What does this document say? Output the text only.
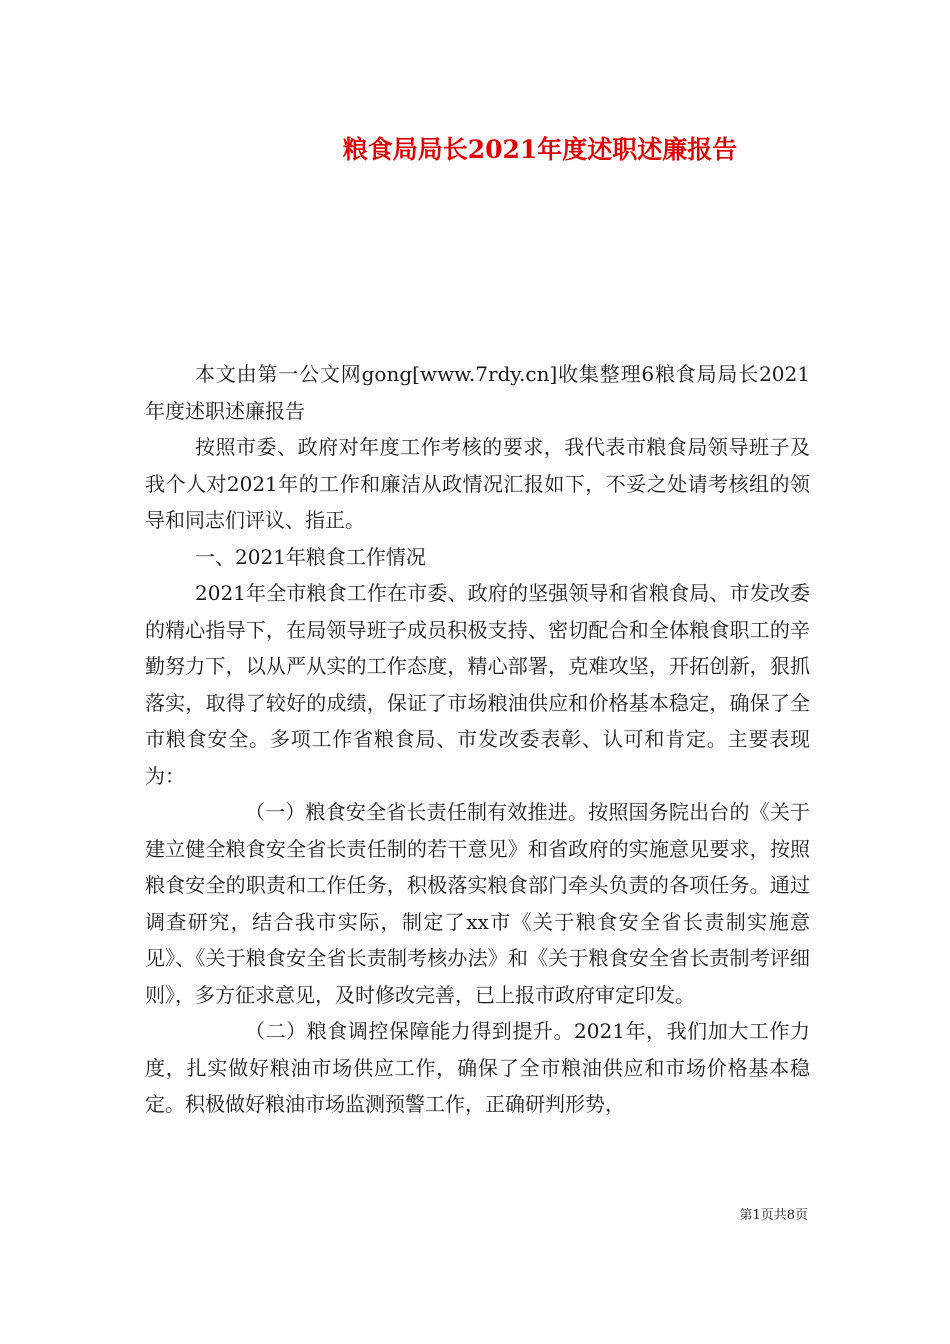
粮食局局长2021年度述职述廉报告

本文由第一公文网gong[www.7rdy.cn]收集整理6粮食局局长2021年度述职述廉报告

按照市委、政府对年度工作考核的要求，我代表市粮食局领导班子及我个人对2021年的工作和廉洁从政情况汇报如下，不妥之处请考核组的领导和同志们评议、指正。

一、2021年粮食工作情况

2021年全市粮食工作在市委、政府的坚强领导和省粮食局、市发改委的精心指导下，在局领导班子成员积极支持、密切配合和全体粮食职工的辛勤努力下，以从严从实的工作态度，精心部署，克难攻坚，开拓创新，狠抓落实，取得了较好的成绩，保证了市场粮油供应和价格基本稳定，确保了全市粮食安全。多项工作省粮食局、市发改委表彰、认可和肯定。主要表现为：

（一）粮食安全省长责任制有效推进。按照国务院出台的《关于建立健全粮食安全省长责任制的若干意见》和省政府的实施意见要求，按照粮食安全的职责和工作任务，积极落实粮食部门牵头负责的各项任务。通过调查研究，结合我市实际，制定了xx市《关于粮食安全省长责制实施意见》、《关于粮食安全省长责制考核办法》和《关于粮食安全省长责制考评细则》，多方征求意见，及时修改完善，已上报市政府审定印发。

（二）粮食调控保障能力得到提升。2021年，我们加大工作力度，扎实做好粮油市场供应工作，确保了全市粮油供应和市场价格基本稳定。积极做好粮油市场监测预警工作，正确研判形势，

第1页共8页
